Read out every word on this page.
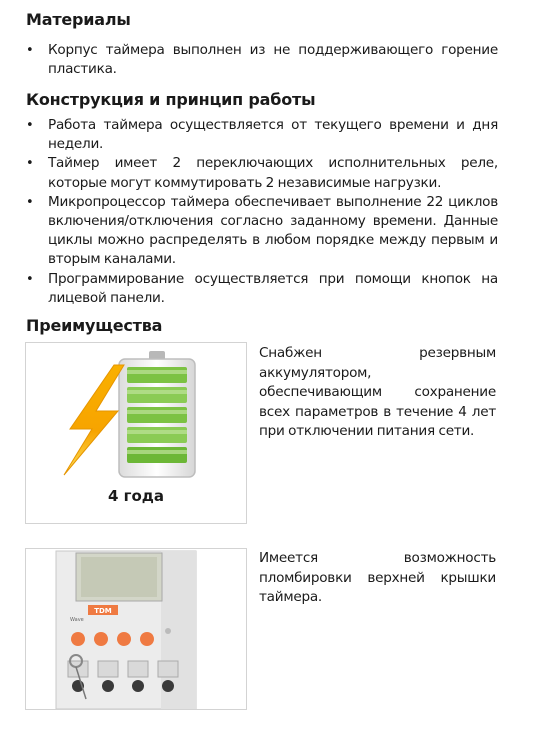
Материалы
• Корпус таймера выполнен из не поддерживающего горение пластика.
Конструкция и принцип работы
• Работа таймера осуществляется от текущего времени и дня недели.
• Таймер имеет 2 переключающих исполнительных реле, которые могут коммутировать 2 независимые нагрузки.
• Микропроцессор таймера обеспечивает выполнение 22 циклов включения/отключения согласно заданному времени. Данные циклы можно распределять в любом порядке между первым и вторым каналами.
• Программирование осуществляется при помощи кнопок на лицевой панели.
Преимущества
4 года
Снабжен резервным аккумулятором, обеспечивающим сохранение всех параметров в течение 4 лет при отключении питания сети.
TDM
Wave
Имеется возможность пломбировки верхней крышки таймера.
